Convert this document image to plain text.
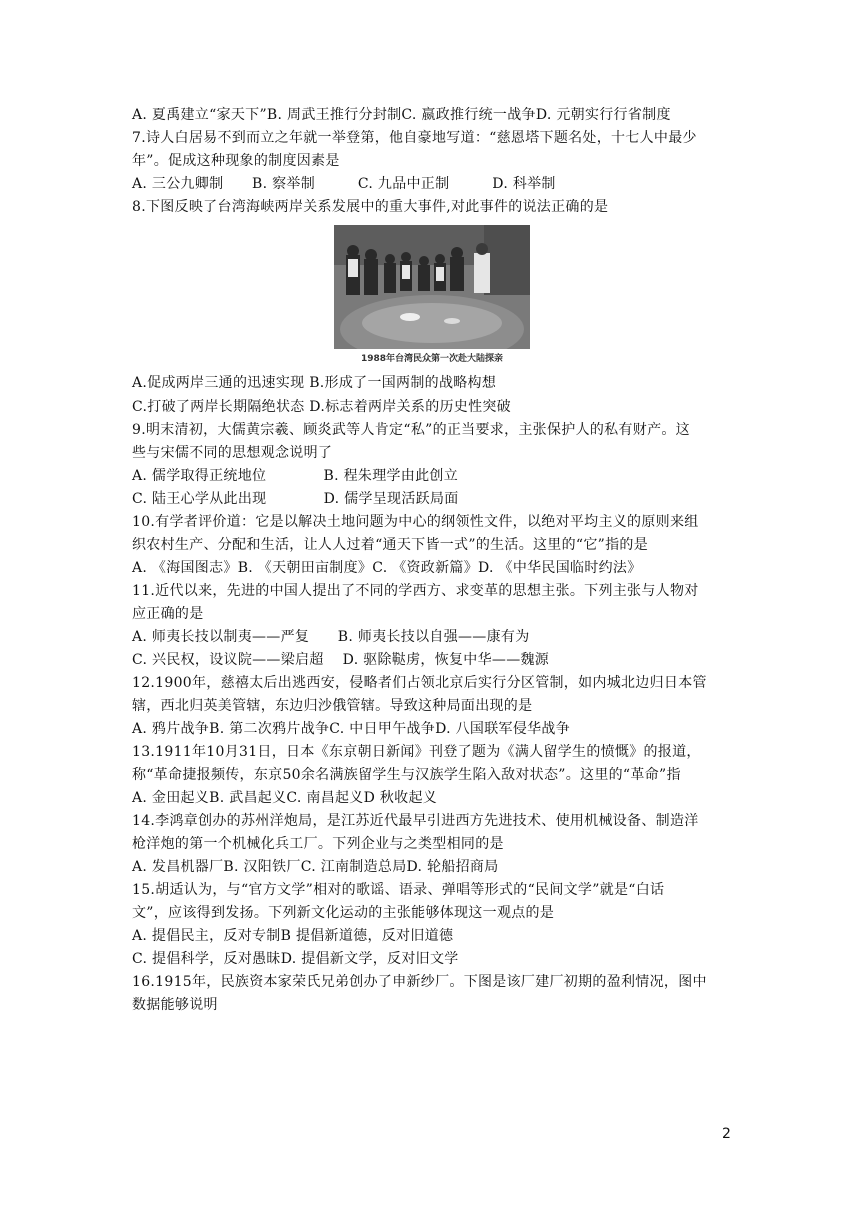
A. 夏禹建立“家天下”B. 周武王推行分封制C. 嬴政推行统一战争D. 元朝实行行省制度
7.诗人白居易不到而立之年就一举登第，他自豪地写道：“慈恩塔下题名处，十七人中最少
年”。促成这种现象的制度因素是
A. 三公九卿制　　B. 察举制　　　C. 九品中正制　　　D. 科举制
8.下图反映了台湾海峡两岸关系发展中的重大事件,对此事件的说法正确的是
1988年台湾民众第一次赴大陆探亲
A.促成两岸三通的迅速实现 B.形成了一国两制的战略构想
C.打破了两岸长期隔绝状态 D.标志着两岸关系的历史性突破
9.明末清初，大儒黄宗羲、顾炎武等人肯定“私”的正当要求，主张保护人的私有财产。这
些与宋儒不同的思想观念说明了
A. 儒学取得正统地位　　　　B. 程朱理学由此创立
C. 陆王心学从此出现　　　　D. 儒学呈现活跃局面
10.有学者评价道：它是以解决土地问题为中心的纲领性文件，以绝对平均主义的原则来组
织农村生产、分配和生活，让人人过着“通天下皆一式”的生活。这里的“它”指的是
A. 《海国图志》B. 《天朝田亩制度》C. 《资政新篇》D. 《中华民国临时约法》
11.近代以来，先进的中国人提出了不同的学西方、求变革的思想主张。下列主张与人物对
应正确的是
A. 师夷长技以制夷——严复　　B. 师夷长技以自强——康有为
C. 兴民权，设议院——梁启超　 D. 驱除鞑虏，恢复中华——魏源
12.1900年，慈禧太后出逃西安，侵略者们占领北京后实行分区管制，如内城北边归日本管
辖，西北归英美管辖，东边归沙俄管辖。导致这种局面出现的是
A. 鸦片战争B. 第二次鸦片战争C. 中日甲午战争D. 八国联军侵华战争
13.1911年10月31日，日本《东京朝日新闻》刊登了题为《满人留学生的愤慨》的报道，
称“革命捷报频传，东京50余名满族留学生与汉族学生陷入敌对状态”。这里的“革命”指
A. 金田起义B. 武昌起义C. 南昌起义D 秋收起义
14.李鸿章创办的苏州洋炮局，是江苏近代最早引进西方先进技术、使用机械设备、制造洋
枪洋炮的第一个机械化兵工厂。下列企业与之类型相同的是
A. 发昌机器厂B. 汉阳铁厂C. 江南制造总局D. 轮船招商局
15.胡适认为，与“官方文学”相对的歌谣、语录、弹唱等形式的“民间文学”就是“白话
文”，应该得到发扬。下列新文化运动的主张能够体现这一观点的是
A. 提倡民主，反对专制B 提倡新道德，反对旧道德
C. 提倡科学，反对愚昧D. 提倡新文学，反对旧文学
16.1915年，民族资本家荣氏兄弟创办了申新纱厂。下图是该厂建厂初期的盈利情况，图中
数据能够说明
2
